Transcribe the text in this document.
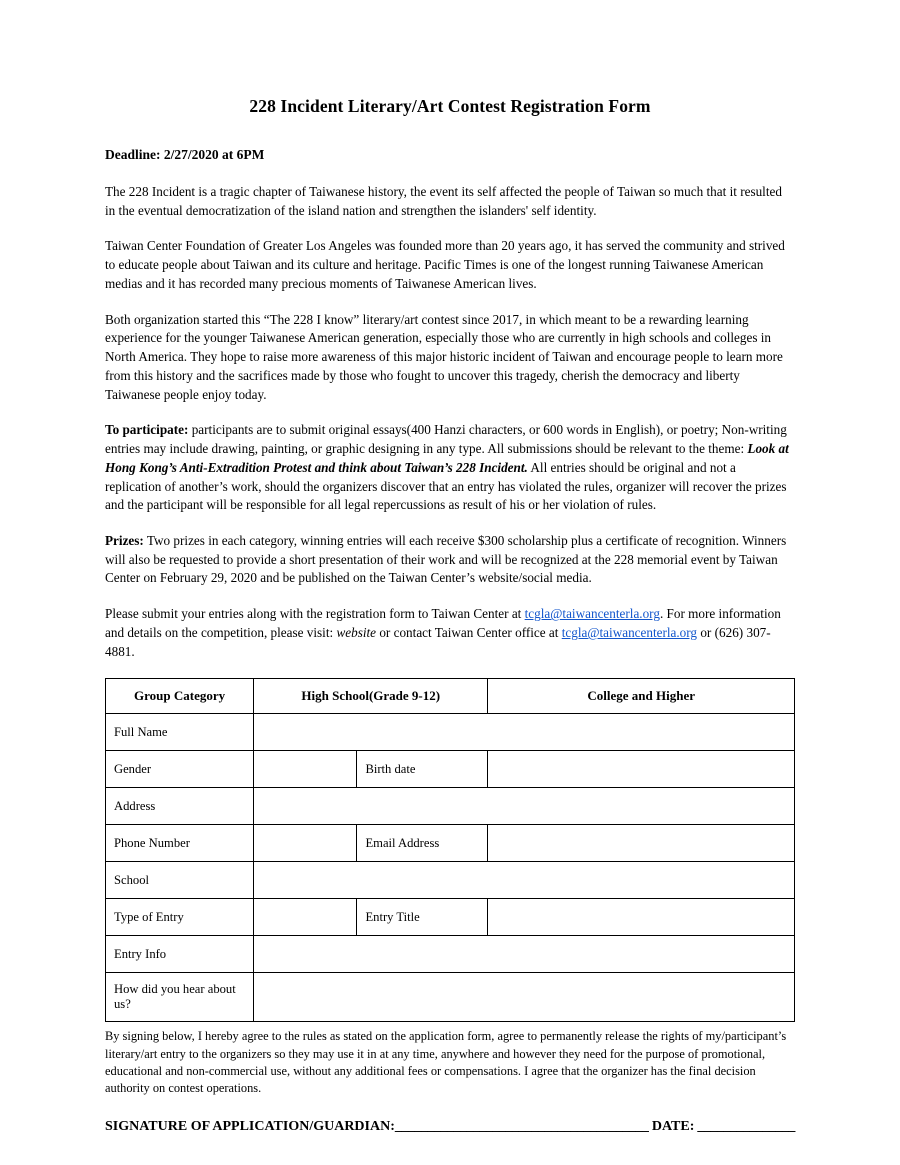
228 Incident Literary/Art Contest Registration Form

Deadline: 2/27/2020 at 6PM

The 228 Incident is a tragic chapter of Taiwanese history, the event its self affected the people of Taiwan so much that it resulted in the eventual democratization of the island nation and strengthen the islanders' self identity.

Taiwan Center Foundation of Greater Los Angeles was founded more than 20 years ago, it has served the community and strived to educate people about Taiwan and its culture and heritage. Pacific Times is one of the longest running Taiwanese American medias and it has recorded many precious moments of Taiwanese American lives.

Both organization started this “The 228 I know” literary/art contest since 2017, in which meant to be a rewarding learning experience for the younger Taiwanese American generation, especially those who are currently in high schools and colleges in North America. They hope to raise more awareness of this major historic incident of Taiwan and encourage people to learn more from this history and the sacrifices made by those who fought to uncover this tragedy, cherish the democracy and liberty Taiwanese people enjoy today.

To participate: participants are to submit original essays(400 Hanzi characters, or 600 words in English), or poetry; Non-writing entries may include drawing, painting, or graphic designing in any type. All submissions should be relevant to the theme: Look at Hong Kong’s Anti-Extradition Protest and think about Taiwan’s 228 Incident. All entries should be original and not a replication of another’s work, should the organizers discover that an entry has violated the rules, organizer will recover the prizes and the participant will be responsible for all legal repercussions as result of his or her violation of rules.

Prizes: Two prizes in each category, winning entries will each receive $300 scholarship plus a certificate of recognition. Winners will also be requested to provide a short presentation of their work and will be recognized at the 228 memorial event by Taiwan Center on February 29, 2020 and be published on the Taiwan Center’s website/social media.

Please submit your entries along with the registration form to Taiwan Center at tcgla@taiwancenterla.org. For more information and details on the competition, please visit: website or contact Taiwan Center office at tcgla@taiwancenterla.org or (626) 307-4881.

Group Category	High School(Grade 9-12)		College and Higher
Full Name			
Gender		Birth date	
Address			
Phone Number		Email Address	
School			
Type of Entry		Entry Title	
Entry Info			
How did you hear about us?			

By signing below, I hereby agree to the rules as stated on the application form, agree to permanently release the rights of my/participant’s literary/art entry to the organizers so they may use it in at any time, anywhere and however they need for the purpose of promotional, educational and non-commercial use, without any additional fees or compensations. I agree that the organizer has the final decision authority on contest operations.

SIGNATURE OF APPLICATION/GUARDIAN:_______________________________________ DATE: _______________
